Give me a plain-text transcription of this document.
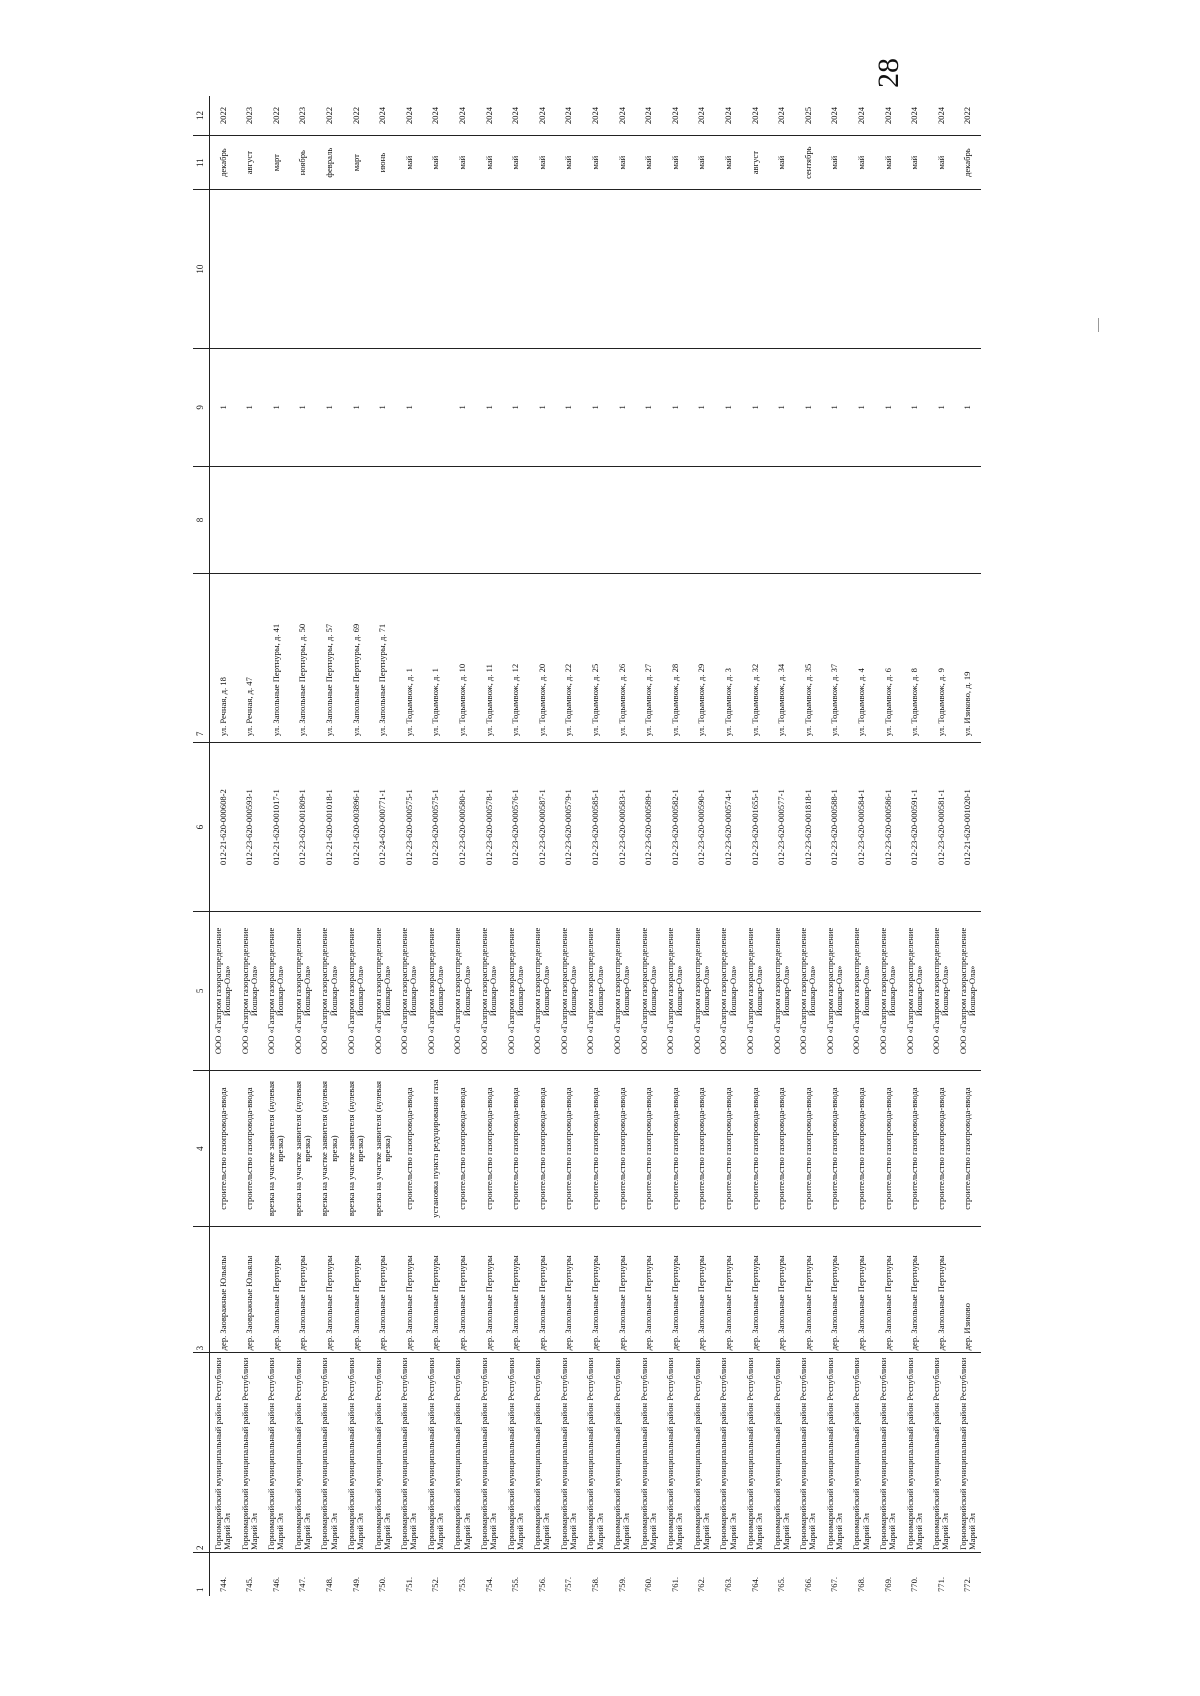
28
1	2	3	4	5	6	7	8	9	10	11	12
744.	Горномарийский муниципальный район Республики Марий Эл	дер. Заовражные Юльялы	строительство газопровода-ввода	ООО «Газпром газораспределение Йошкар-Ола»	012-21-620-000608-2	ул. Речная, д. 18		1		декабрь	2022
745.	Горномарийский муниципальный район Республики Марий Эл	дер. Заовражные Юльялы	строительство газопровода-ввода	ООО «Газпром газораспределение Йошкар-Ола»	012-23-620-000593-1	ул. Речная, д. 47		1		август	2023
746.	Горномарийский муниципальный район Республики Марий Эл	дер. Запольные Пертнуры	врезка на участке заявителя (нулевая врезка)	ООО «Газпром газораспределение Йошкар-Ола»	012-21-620-001017-1	ул. Запольные Пертнуры, д. 41		1		март	2022
747.	Горномарийский муниципальный район Республики Марий Эл	дер. Запольные Пертнуры	врезка на участке заявителя (нулевая врезка)	ООО «Газпром газораспределение Йошкар-Ола»	012-23-620-001809-1	ул. Запольные Пертнуры, д. 50		1		ноябрь	2023
748.	Горномарийский муниципальный район Республики Марий Эл	дер. Запольные Пертнуры	врезка на участке заявителя (нулевая врезка)	ООО «Газпром газораспределение Йошкар-Ола»	012-21-620-001018-1	ул. Запольные Пертнуры, д. 57		1		февраль	2022
749.	Горномарийский муниципальный район Республики Марий Эл	дер. Запольные Пертнуры	врезка на участке заявителя (нулевая врезка)	ООО «Газпром газораспределение Йошкар-Ола»	012-21-620-003896-1	ул. Запольные Пертнуры, д. 69		1		март	2022
750.	Горномарийский муниципальный район Республики Марий Эл	дер. Запольные Пертнуры	врезка на участке заявителя (нулевая врезка)	ООО «Газпром газораспределение Йошкар-Ола»	012-24-620-000771-1	ул. Запольные Пертнуры, д. 71		1		июнь	2024
751.	Горномарийский муниципальный район Республики Марий Эл	дер. Запольные Пертнуры	строительство газопровода-ввода	ООО «Газпром газораспределение Йошкар-Ола»	012-23-620-000575-1	ул. Тодымвож, д. 1		1		май	2024
752.	Горномарийский муниципальный район Республики Марий Эл	дер. Запольные Пертнуры	установка пункта редуцирования газа	ООО «Газпром газораспределение Йошкар-Ола»	012-23-620-000575-1	ул. Тодымвож, д. 1				май	2024
753.	Горномарийский муниципальный район Республики Марий Эл	дер. Запольные Пертнуры	строительство газопровода-ввода	ООО «Газпром газораспределение Йошкар-Ола»	012-23-620-000580-1	ул. Тодымвож, д. 10		1		май	2024
754.	Горномарийский муниципальный район Республики Марий Эл	дер. Запольные Пертнуры	строительство газопровода-ввода	ООО «Газпром газораспределение Йошкар-Ола»	012-23-620-000578-1	ул. Тодымвож, д. 11		1		май	2024
755.	Горномарийский муниципальный район Республики Марий Эл	дер. Запольные Пертнуры	строительство газопровода-ввода	ООО «Газпром газораспределение Йошкар-Ола»	012-23-620-000576-1	ул. Тодымвож, д. 12		1		май	2024
756.	Горномарийский муниципальный район Республики Марий Эл	дер. Запольные Пертнуры	строительство газопровода-ввода	ООО «Газпром газораспределение Йошкар-Ола»	012-23-620-000587-1	ул. Тодымвож, д. 20		1		май	2024
757.	Горномарийский муниципальный район Республики Марий Эл	дер. Запольные Пертнуры	строительство газопровода-ввода	ООО «Газпром газораспределение Йошкар-Ола»	012-23-620-000579-1	ул. Тодымвож, д. 22		1		май	2024
758.	Горномарийский муниципальный район Республики Марий Эл	дер. Запольные Пертнуры	строительство газопровода-ввода	ООО «Газпром газораспределение Йошкар-Ола»	012-23-620-000585-1	ул. Тодымвож, д. 25		1		май	2024
759.	Горномарийский муниципальный район Республики Марий Эл	дер. Запольные Пертнуры	строительство газопровода-ввода	ООО «Газпром газораспределение Йошкар-Ола»	012-23-620-000583-1	ул. Тодымвож, д. 26		1		май	2024
760.	Горномарийский муниципальный район Республики Марий Эл	дер. Запольные Пертнуры	строительство газопровода-ввода	ООО «Газпром газораспределение Йошкар-Ола»	012-23-620-000589-1	ул. Тодымвож, д. 27		1		май	2024
761.	Горномарийский муниципальный район Республики Марий Эл	дер. Запольные Пертнуры	строительство газопровода-ввода	ООО «Газпром газораспределение Йошкар-Ола»	012-23-620-000582-1	ул. Тодымвож, д. 28		1		май	2024
762.	Горномарийский муниципальный район Республики Марий Эл	дер. Запольные Пертнуры	строительство газопровода-ввода	ООО «Газпром газораспределение Йошкар-Ола»	012-23-620-000590-1	ул. Тодымвож, д. 29		1		май	2024
763.	Горномарийский муниципальный район Республики Марий Эл	дер. Запольные Пертнуры	строительство газопровода-ввода	ООО «Газпром газораспределение Йошкар-Ола»	012-23-620-000574-1	ул. Тодымвож, д. 3		1		май	2024
764.	Горномарийский муниципальный район Республики Марий Эл	дер. Запольные Пертнуры	строительство газопровода-ввода	ООО «Газпром газораспределение Йошкар-Ола»	012-23-620-001655-1	ул. Тодымвож, д. 32		1		август	2024
765.	Горномарийский муниципальный район Республики Марий Эл	дер. Запольные Пертнуры	строительство газопровода-ввода	ООО «Газпром газораспределение Йошкар-Ола»	012-23-620-000577-1	ул. Тодымвож, д. 34		1		май	2024
766.	Горномарийский муниципальный район Республики Марий Эл	дер. Запольные Пертнуры	строительство газопровода-ввода	ООО «Газпром газораспределение Йошкар-Ола»	012-23-620-001818-1	ул. Тодымвож, д. 35		1		сентябрь	2025
767.	Горномарийский муниципальный район Республики Марий Эл	дер. Запольные Пертнуры	строительство газопровода-ввода	ООО «Газпром газораспределение Йошкар-Ола»	012-23-620-000588-1	ул. Тодымвож, д. 37		1		май	2024
768.	Горномарийский муниципальный район Республики Марий Эл	дер. Запольные Пертнуры	строительство газопровода-ввода	ООО «Газпром газораспределение Йошкар-Ола»	012-23-620-000584-1	ул. Тодымвож, д. 4		1		май	2024
769.	Горномарийский муниципальный район Республики Марий Эл	дер. Запольные Пертнуры	строительство газопровода-ввода	ООО «Газпром газораспределение Йошкар-Ола»	012-23-620-000586-1	ул. Тодымвож, д. 6		1		май	2024
770.	Горномарийский муниципальный район Республики Марий Эл	дер. Запольные Пертнуры	строительство газопровода-ввода	ООО «Газпром газораспределение Йошкар-Ола»	012-23-620-000591-1	ул. Тодымвож, д. 8		1		май	2024
771.	Горномарийский муниципальный район Республики Марий Эл	дер. Запольные Пертнуры	строительство газопровода-ввода	ООО «Газпром газораспределение Йошкар-Ола»	012-23-620-000581-1	ул. Тодымвож, д. 9		1		май	2024
772.	Горномарийский муниципальный район Республики Марий Эл	дер. Изиково	строительство газопровода-ввода	ООО «Газпром газораспределение Йошкар-Ола»	012-21-620-001020-1	ул. Изиково, д. 19		1		декабрь	2022
